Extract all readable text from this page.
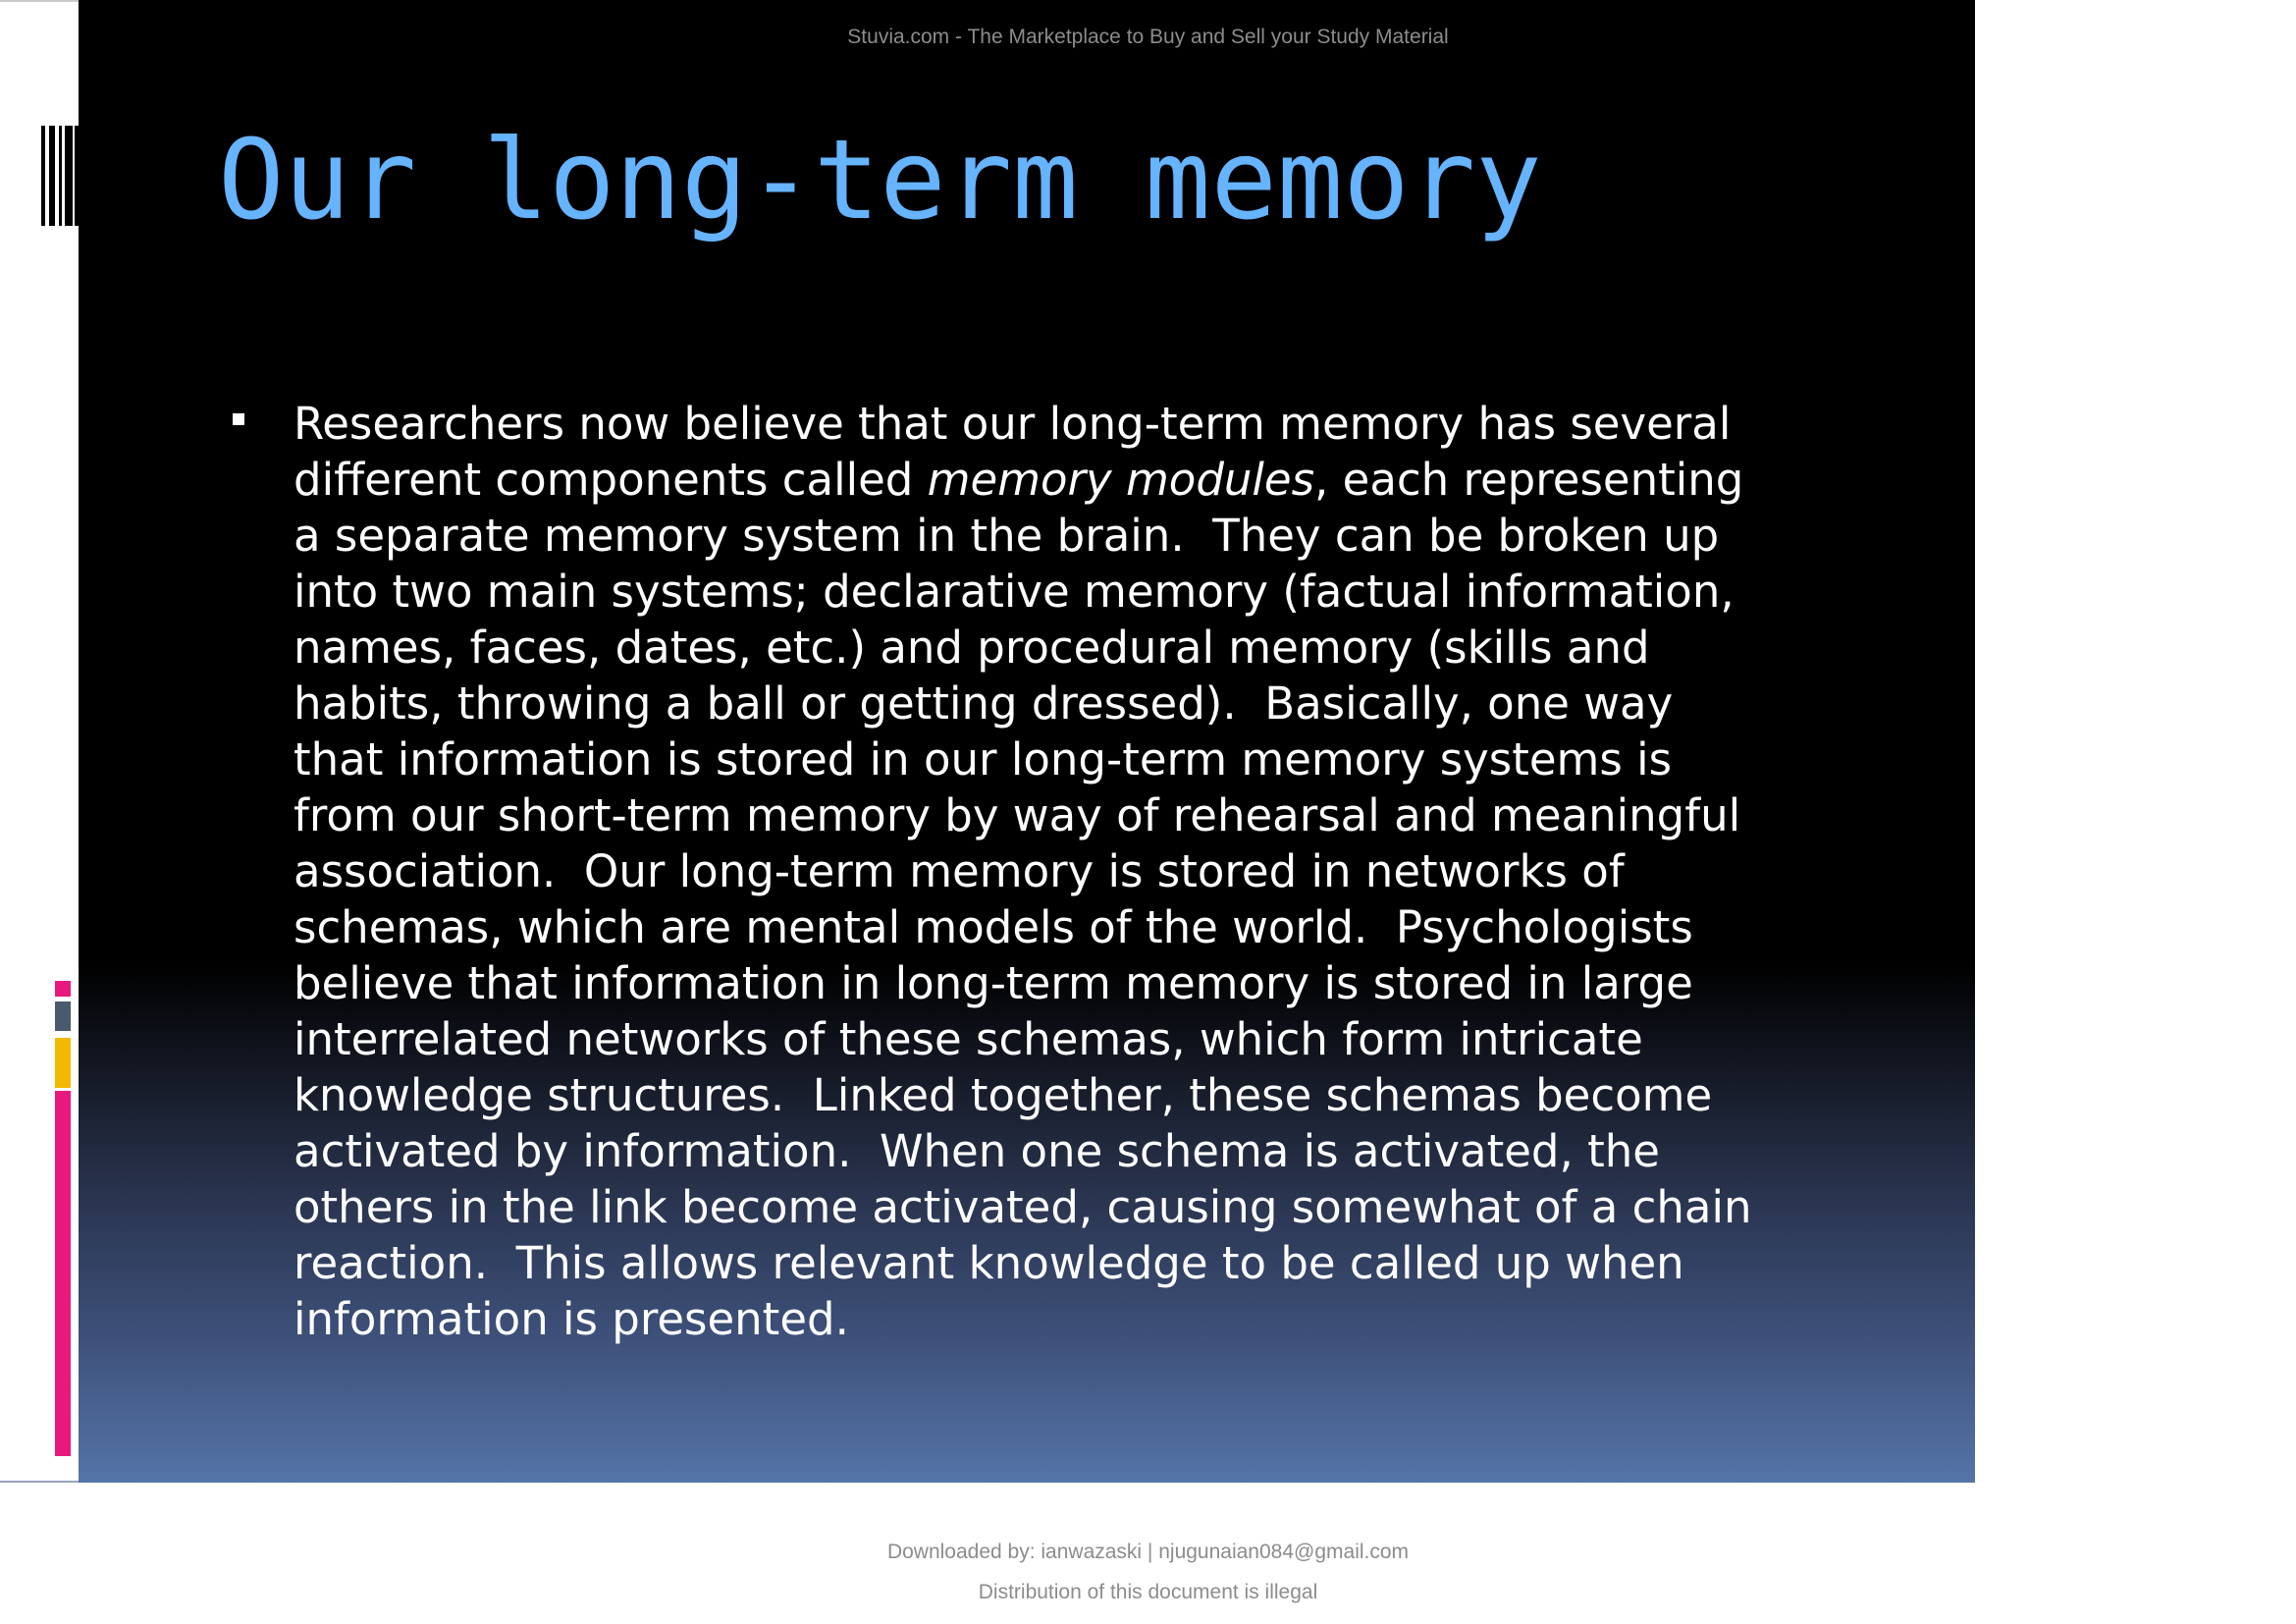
Stuvia.com - The Marketplace to Buy and Sell your Study Material
Our long-term memory
Researchers now believe that our long-term memory has several
different components called memory modules, each representing
a separate memory system in the brain.  They can be broken up
into two main systems; declarative memory (factual information,
names, faces, dates, etc.) and procedural memory (skills and
habits, throwing a ball or getting dressed).  Basically, one way
that information is stored in our long-term memory systems is
from our short-term memory by way of rehearsal and meaningful
association.  Our long-term memory is stored in networks of
schemas, which are mental models of the world.  Psychologists
believe that information in long-term memory is stored in large
interrelated networks of these schemas, which form intricate
knowledge structures.  Linked together, these schemas become
activated by information.  When one schema is activated, the
others in the link become activated, causing somewhat of a chain
reaction.  This allows relevant knowledge to be called up when
information is presented.
Downloaded by: ianwazaski | njugunaian084@gmail.com
Distribution of this document is illegal
